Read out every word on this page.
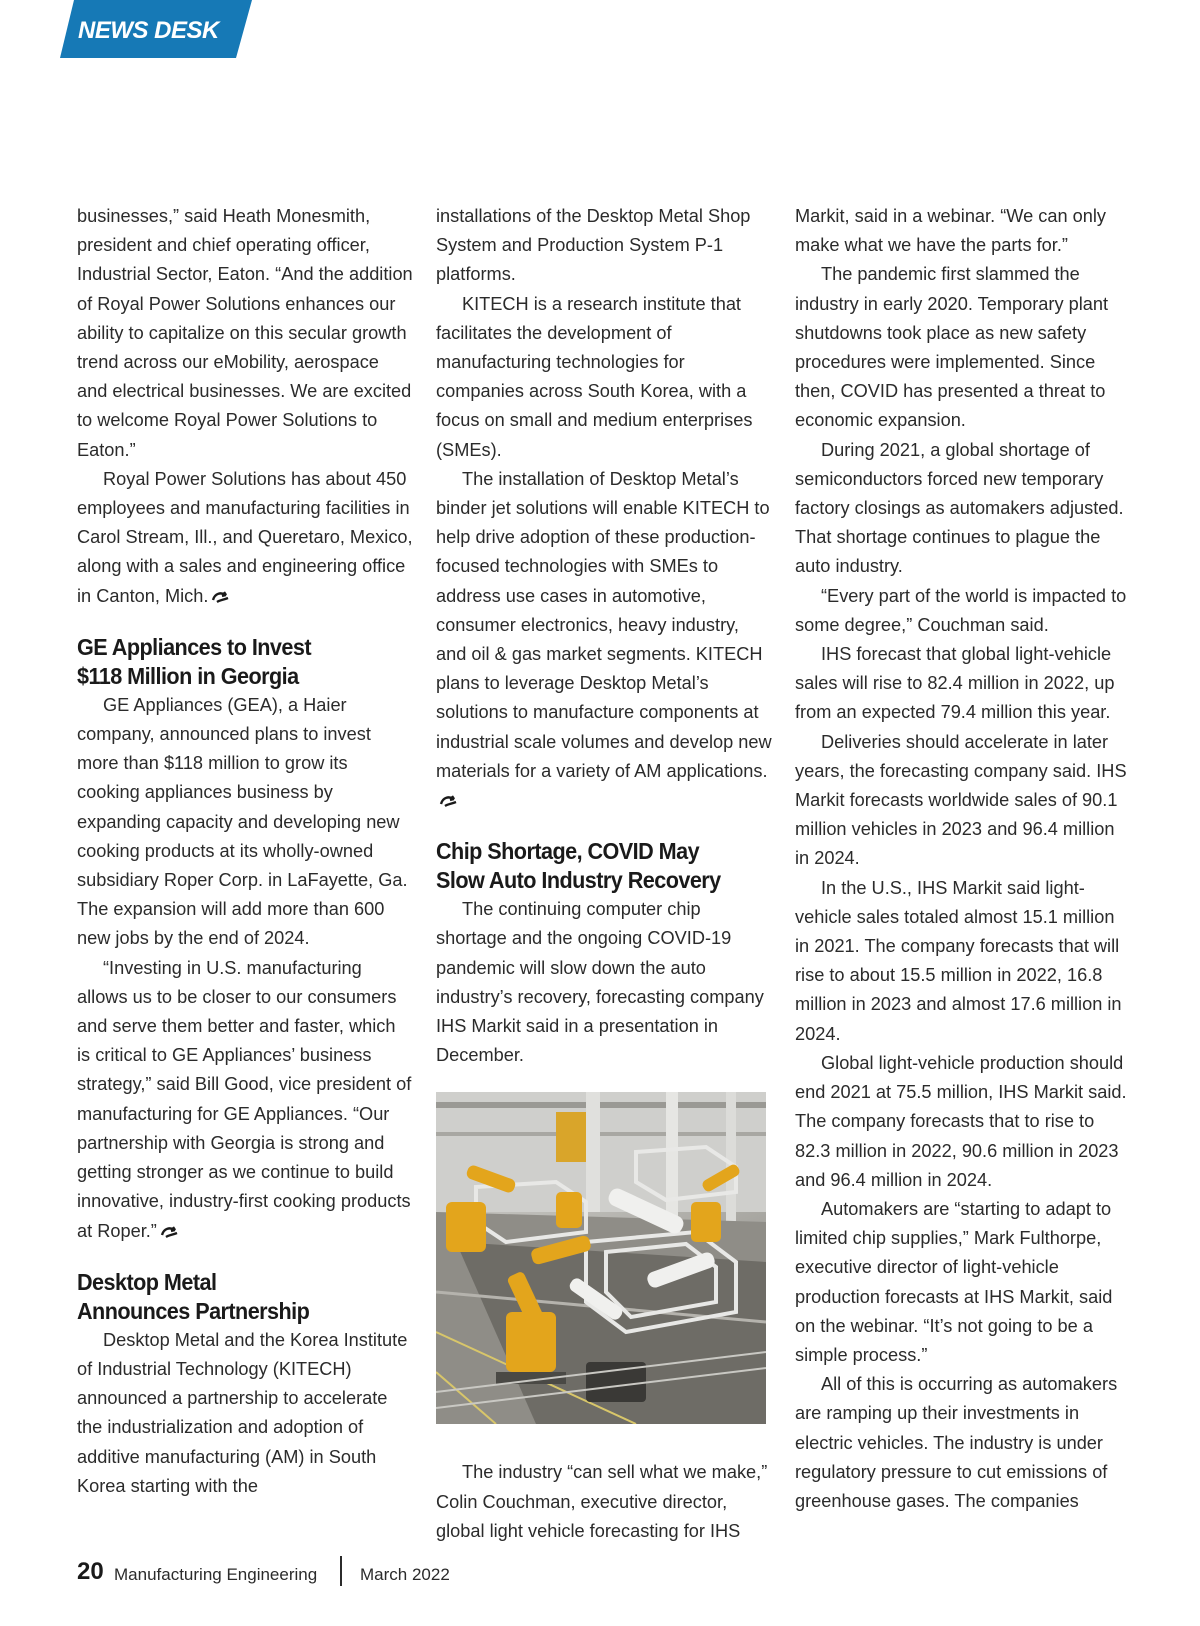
NEWS DESK

businesses,” said Heath Monesmith, president and chief operating officer, Industrial Sector, Eaton. “And the addition of Royal Power Solutions enhances our ability to capitalize on this secular growth trend across our eMobility, aerospace and electrical businesses. We are excited to welcome Royal Power Solutions to Eaton.”

Royal Power Solutions has about 450 employees and manufacturing facilities in Carol Stream, Ill., and Queretaro, Mexico, along with a sales and engineering office in Canton, Mich.

GE Appliances to Invest
$118 Million in Georgia

GE Appliances (GEA), a Haier company, announced plans to invest more than $118 million to grow its cooking appliances business by expanding capacity and developing new cooking products at its wholly-owned subsidiary Roper Corp. in LaFayette, Ga. The expansion will add more than 600 new jobs by the end of 2024.

“Investing in U.S. manufacturing allows us to be closer to our consumers and serve them better and faster, which is critical to GE Appliances’ business strategy,” said Bill Good, vice president of manufacturing for GE Appliances. “Our partnership with Georgia is strong and getting stronger as we continue to build innovative, industry-first cooking products at Roper.”

Desktop Metal
Announces Partnership

Desktop Metal and the Korea Institute of Industrial Technology (KITECH) announced a partnership to accelerate the industrialization and adoption of additive manufacturing (AM) in South Korea starting with the

installations of the Desktop Metal Shop System and Production System P-1 platforms.

KITECH is a research institute that facilitates the development of manufacturing technologies for companies across South Korea, with a focus on small and medium enterprises (SMEs).

The installation of Desktop Metal’s binder jet solutions will enable KITECH to help drive adoption of these production-focused technologies with SMEs to address use cases in automotive, consumer electronics, heavy industry, and oil & gas market segments. KITECH plans to leverage Desktop Metal’s solutions to manufacture components at industrial scale volumes and develop new materials for a variety of AM applications.

Chip Shortage, COVID May
Slow Auto Industry Recovery

The continuing computer chip shortage and the ongoing COVID-19 pandemic will slow down the auto industry’s recovery, forecasting company IHS Markit said in a presentation in December.

The industry “can sell what we make,” Colin Couchman, executive director, global light vehicle forecasting for IHS

Markit, said in a webinar. “We can only make what we have the parts for.”

The pandemic first slammed the industry in early 2020. Temporary plant shutdowns took place as new safety procedures were implemented. Since then, COVID has presented a threat to economic expansion.

During 2021, a global shortage of semiconductors forced new temporary factory closings as automakers adjusted. That shortage continues to plague the auto industry.

“Every part of the world is impacted to some degree,” Couchman said.

IHS forecast that global light-vehicle sales will rise to 82.4 million in 2022, up from an expected 79.4 million this year.

Deliveries should accelerate in later years, the forecasting company said. IHS Markit forecasts worldwide sales of 90.1 million vehicles in 2023 and 96.4 million in 2024.

In the U.S., IHS Markit said light-vehicle sales totaled almost 15.1 million in 2021. The company forecasts that will rise to about 15.5 million in 2022, 16.8 million in 2023 and almost 17.6 million in 2024.

Global light-vehicle production should end 2021 at 75.5 million, IHS Markit said. The company forecasts that to rise to 82.3 million in 2022, 90.6 million in 2023 and 96.4 million in 2024.

Automakers are “starting to adapt to limited chip supplies,” Mark Fulthorpe, executive director of light-vehicle production forecasts at IHS Markit, said on the webinar. “It’s not going to be a simple process.”

All of this is occurring as automakers are ramping up their investments in electric vehicles. The industry is under regulatory pressure to cut emissions of greenhouse gases. The companies

20 Manufacturing Engineering	March 2022
